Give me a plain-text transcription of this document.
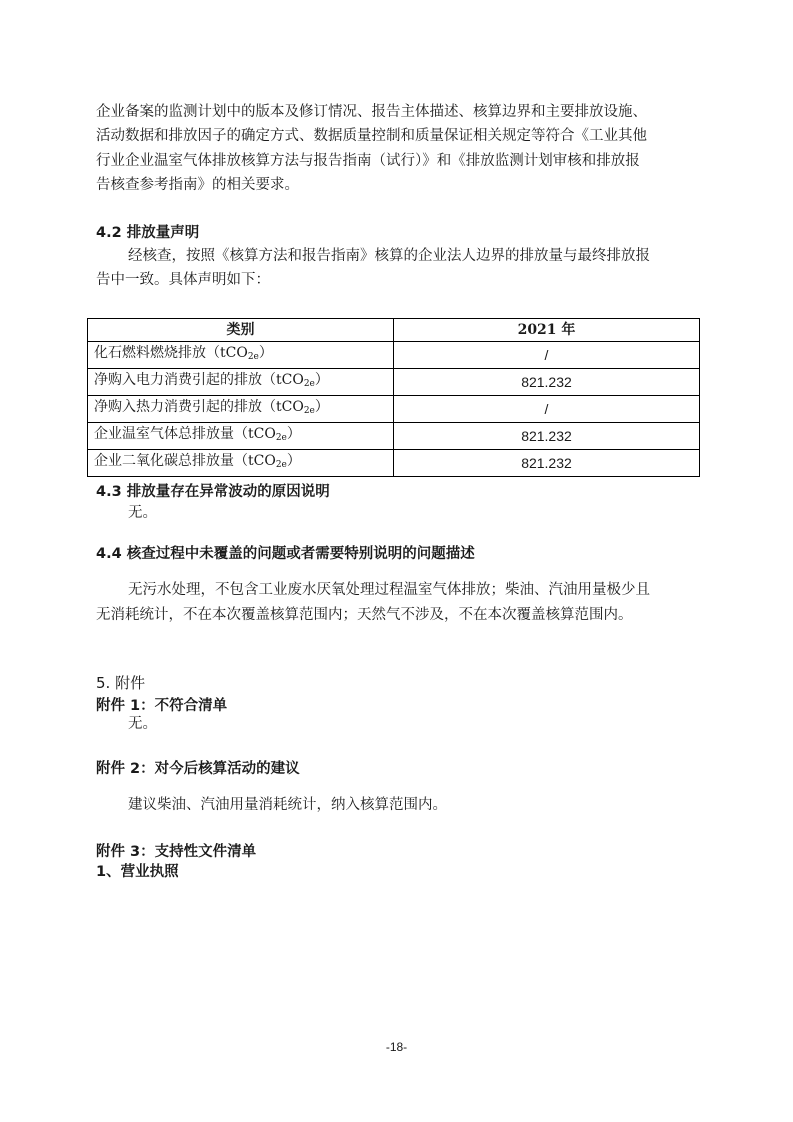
企业备案的监测计划中的版本及修订情况、报告主体描述、核算边界和主要排放设施、
活动数据和排放因子的确定方式、数据质量控制和质量保证相关规定等符合《工业其他
行业企业温室气体排放核算方法与报告指南（试行）》和《排放监测计划审核和排放报
告核查参考指南》的相关要求。
4.2 排放量声明
经核查，按照《核算方法和报告指南》核算的企业法人边界的排放量与最终排放报
告中一致。具体声明如下：
类别	2021 年
化石燃料燃烧排放（tCO$_{2e}$）	/
净购入电力消费引起的排放（tCO$_{2e}$）	821.232
净购入热力消费引起的排放（tCO$_{2e}$）	/
企业温室气体总排放量（tCO$_{2e}$）	821.232
企业二氧化碳总排放量（tCO$_{2e}$）	821.232
4.3 排放量存在异常波动的原因说明
无。
4.4 核查过程中未覆盖的问题或者需要特别说明的问题描述
无污水处理，不包含工业废水厌氧处理过程温室气体排放；柴油、汽油用量极少且
无消耗统计，不在本次覆盖核算范围内；天然气不涉及，不在本次覆盖核算范围内。
5. 附件
附件 1：不符合清单
无。
附件 2：对今后核算活动的建议
建议柴油、汽油用量消耗统计，纳入核算范围内。
附件 3：支持性文件清单
1、营业执照
-18-
